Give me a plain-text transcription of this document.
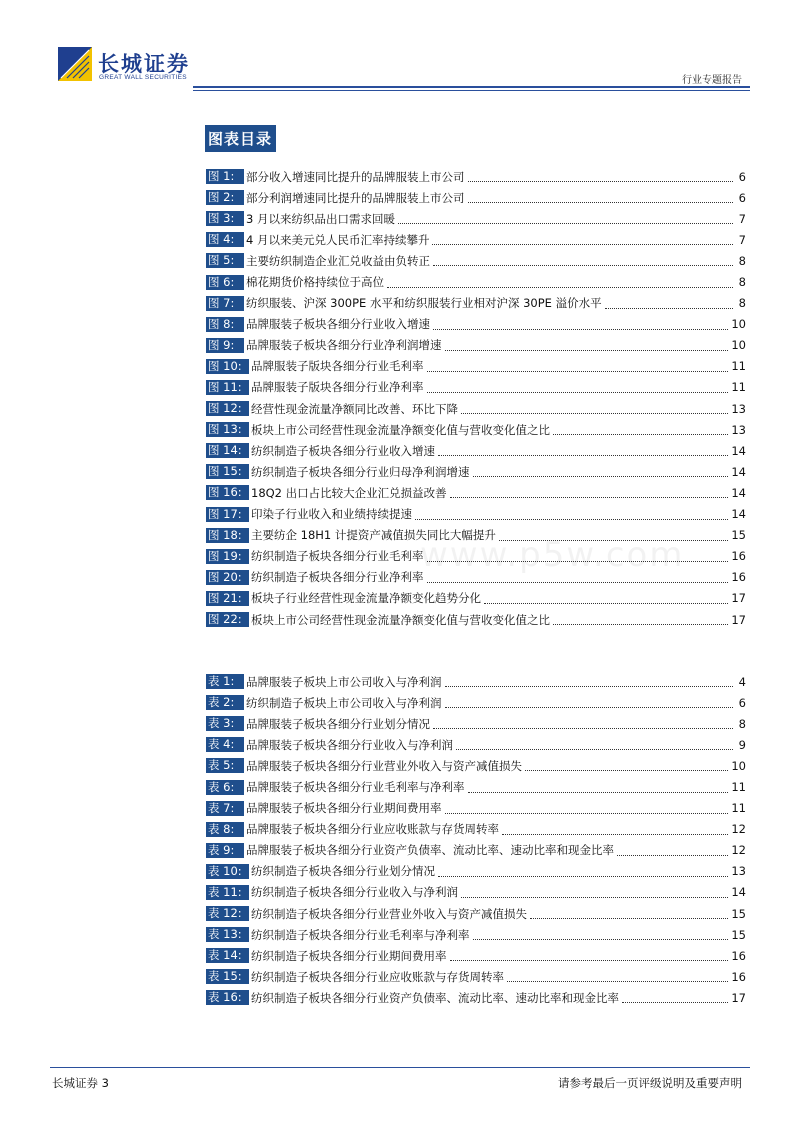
长城证券
GREAT WALL SECURITIES	行业专题报告
图表目录
图 1:	部分收入增速同比提升的品牌服装上市公司	6
图 2:	部分利润增速同比提升的品牌服装上市公司	6
图 3:	3 月以来纺织品出口需求回暖	7
图 4:	4 月以来美元兑人民币汇率持续攀升	7
图 5:	主要纺织制造企业汇兑收益由负转正	8
图 6:	棉花期货价格持续位于高位	8
图 7:	纺织服装、沪深 300PE 水平和纺织服装行业相对沪深 30PE 溢价水平	8
图 8:	品牌服装子板块各细分行业收入增速	10
图 9:	品牌服装子板块各细分行业净利润增速	10
图 10: 品牌服装子版块各细分行业毛利率	11
图 11: 品牌服装子版块各细分行业净利率	11
图 12: 经营性现金流量净额同比改善、环比下降	13
图 13: 板块上市公司经营性现金流量净额变化值与营收变化值之比	13
图 14: 纺织制造子板块各细分行业收入增速	14
图 15: 纺织制造子板块各细分行业归母净利润增速	14
图 16: 18Q2 出口占比较大企业汇兑损益改善	14
图 17: 印染子行业收入和业绩持续提速	14
图 18: 主要纺企 18H1 计提资产减值损失同比大幅提升	15
图 19: 纺织制造子板块各细分行业毛利率	16
图 20: 纺织制造子板块各细分行业净利率	16
图 21: 板块子行业经营性现金流量净额变化趋势分化	17
图 22: 板块上市公司经营性现金流量净额变化值与营收变化值之比	17
表 1:	品牌服装子板块上市公司收入与净利润	4
表 2:	纺织制造子板块上市公司收入与净利润	6
表 3:	品牌服装子板块各细分行业划分情况	8
表 4:	品牌服装子板块各细分行业收入与净利润	9
表 5:	品牌服装子板块各细分行业营业外收入与资产减值损失	10
表 6:	品牌服装子板块各细分行业毛利率与净利率	11
表 7:	品牌服装子板块各细分行业期间费用率	11
表 8:	品牌服装子板块各细分行业应收账款与存货周转率	12
表 9:	品牌服装子板块各细分行业资产负债率、流动比率、速动比率和现金比率	12
表 10: 纺织制造子板块各细分行业划分情况	13
表 11: 纺织制造子板块各细分行业收入与净利润	14
表 12: 纺织制造子板块各细分行业营业外收入与资产减值损失	15
表 13: 纺织制造子板块各细分行业毛利率与净利率	15
表 14: 纺织制造子板块各细分行业期间费用率	16
表 15: 纺织制造子板块各细分行业应收账款与存货周转率	16
表 16: 纺织制造子板块各细分行业资产负债率、流动比率、速动比率和现金比率	17
www.p5w.com
长城证券 3	请参考最后一页评级说明及重要声明
